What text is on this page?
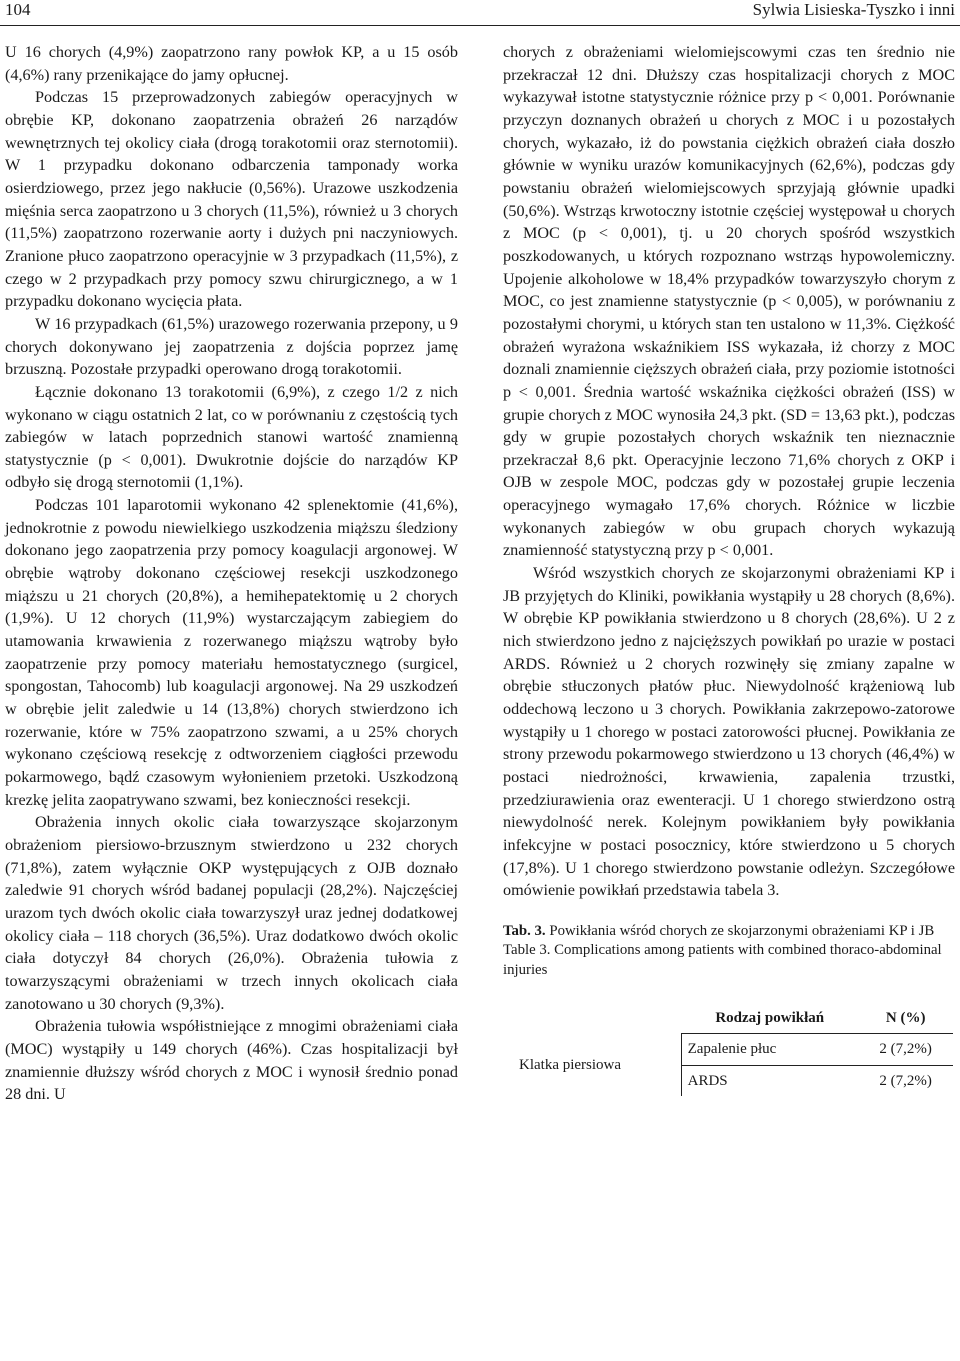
104	Sylwia Lisieska-Tyszko i inni

U 16 chorych (4,9%) zaopatrzono rany powłok KP, a u 15 osób (4,6%) rany przenikające do jamy opłucnej.

Podczas 15 przeprowadzonych zabiegów operacyjnych w obrębie KP, dokonano zaopatrzenia obrażeń 26 narządów wewnętrznych tej okolicy ciała (drogą torakotomii oraz sternotomii). W 1 przypadku dokonano odbarczenia tamponady worka osierdziowego, przez jego nakłucie (0,56%). Urazowe uszkodzenia mięśnia serca zaopatrzono u 3 chorych (11,5%), również u 3 chorych (11,5%) zaopatrzono rozerwanie aorty i dużych pni naczyniowych. Zranione płuco zaopatrzono operacyjnie w 3 przypadkach (11,5%), z czego w 2 przypadkach przy pomocy szwu chirurgicznego, a w 1 przypadku dokonano wycięcia płata.

W 16 przypadkach (61,5%) urazowego rozerwania przepony, u 9 chorych dokonywano jej zaopatrzenia z dojścia poprzez jamę brzuszną. Pozostałe przypadki operowano drogą torakotomii.

Łącznie dokonano 13 torakotomii (6,9%), z czego 1/2 z nich wykonano w ciągu ostatnich 2 lat, co w porównaniu z częstością tych zabiegów w latach poprzednich stanowi wartość znamienną statystycznie (p < 0,001). Dwukrotnie dojście do narządów KP odbyło się drogą sternotomii (1,1%).

Podczas 101 laparotomii wykonano 42 splenektomie (41,6%), jednokrotnie z powodu niewielkiego uszkodzenia miąższu śledziony dokonano jego zaopatrzenia przy pomocy koagulacji argonowej. W obrębie wątroby dokonano częściowej resekcji uszkodzonego miąższu u 21 chorych (20,8%), a hemihepatektomię u 2 chorych (1,9%). U 12 chorych (11,9%) wystarczającym zabiegiem do utamowania krwawienia z rozerwanego miąższu wątroby było zaopatrzenie przy pomocy materiału hemostatycznego (surgicel, spongostan, Tahocomb) lub koagulacji argonowej. Na 29 uszkodzeń w obrębie jelit zaledwie u 14 (13,8%) chorych stwierdzono ich rozerwanie, które w 75% zaopatrzono szwami, a u 25% chorych wykonano częściową resekcję z odtworzeniem ciągłości przewodu pokarmowego, bądź czasowym wyłonieniem przetoki. Uszkodzoną krezkę jelita zaopatrywano szwami, bez konieczności resekcji.

Obrażenia innych okolic ciała towarzyszące skojarzonym obrażeniom piersiowo-brzusznym stwierdzono u 232 chorych (71,8%), zatem wyłącznie OKP występujących z OJB doznało zaledwie 91 chorych wśród badanej populacji (28,2%). Najczęściej urazom tych dwóch okolic ciała towarzyszył uraz jednej dodatkowej okolicy ciała – 118 chorych (36,5%). Uraz dodatkowo dwóch okolic ciała dotyczył 84 chorych (26,0%). Obrażenia tułowia z towarzyszącymi obrażeniami w trzech innych okolicach ciała zanotowano u 30 chorych (9,3%).

Obrażenia tułowia współistniejące z mnogimi obrażeniami ciała (MOC) wystąpiły u 149 chorych (46%). Czas hospitalizacji był znamiennie dłuższy wśród chorych z MOC i wynosił średnio ponad 28 dni. U

chorych z obrażeniami wielomiejscowymi czas ten średnio nie przekraczał 12 dni. Dłuższy czas hospitalizacji chorych z MOC wykazywał istotne statystycznie różnice przy p < 0,001. Porównanie przyczyn doznanych obrażeń u chorych z MOC i u pozostałych chorych, wykazało, iż do powstania ciężkich obrażeń ciała doszło głównie w wyniku urazów komunikacyjnych (62,6%), podczas gdy powstaniu obrażeń wielomiejscowych sprzyjają głównie upadki (50,6%). Wstrząs krwotoczny istotnie częściej występował u chorych z MOC (p < 0,001), tj. u 20 chorych spośród wszystkich poszkodowanych, u których rozpoznano wstrząs hypowolemiczny. Upojenie alkoholowe w 18,4% przypadków towarzyszyło chorym z MOC, co jest znamienne statystycznie (p < 0,005), w porównaniu z pozostałymi chorymi, u których stan ten ustalono w 11,3%. Ciężkość obrażeń wyrażona wskaźnikiem ISS wykazała, iż chorzy z MOC doznali znamiennie cięższych obrażeń ciała, przy poziomie istotności p < 0,001. Średnia wartość wskaźnika ciężkości obrażeń (ISS) w grupie chorych z MOC wynosiła 24,3 pkt. (SD = 13,63 pkt.), podczas gdy w grupie pozostałych chorych wskaźnik ten nieznacznie przekraczał 8,6 pkt. Operacyjnie leczono 71,6% chorych z OKP i OJB w zespole MOC, podczas gdy w pozostałej grupie leczenia operacyjnego wymagało 17,6% chorych. Różnice w liczbie wykonanych zabiegów w obu grupach chorych wykazują znamienność statystyczną przy p < 0,001.

Wśród wszystkich chorych ze skojarzonymi obrażeniami KP i JB przyjętych do Kliniki, powikłania wystąpiły u 28 chorych (8,6%). W obrębie KP powikłania stwierdzono u 8 chorych (28,6%). U 2 z nich stwierdzono jedno z najcięższych powikłań po urazie w postaci ARDS. Również u 2 chorych rozwinęły się zmiany zapalne w obrębie stłuczonych płatów płuc. Niewydolność krążeniową lub oddechową leczono u 3 chorych. Powikłania zakrzepowo-zatorowe wystąpiły u 1 chorego w postaci zatorowości płucnej. Powikłania ze strony przewodu pokarmowego stwierdzono u 13 chorych (46,4%) w postaci niedrożności, krwawienia, zapalenia trzustki, przedziurawienia oraz ewenteracji. U 1 chorego stwierdzono ostrą niewydolność nerek. Kolejnym powikłaniem były powikłania infekcyjne w postaci posocznicy, które stwierdzono u 5 chorych (17,8%). U 1 chorego stwierdzono powstanie odleżyn. Szczegółowe omówienie powikłań przedstawia tabela 3.

Tab. 3. Powikłania wśród chorych ze skojarzonymi obrażeniami KP i JB
Table 3. Complications among patients with combined thoraco-abdominal injuries
	Rodzaj powikłań	N (%)
Klatka piersiowa	Zapalenie płuc	2 (7,2%)
	ARDS	2 (7,2%)
